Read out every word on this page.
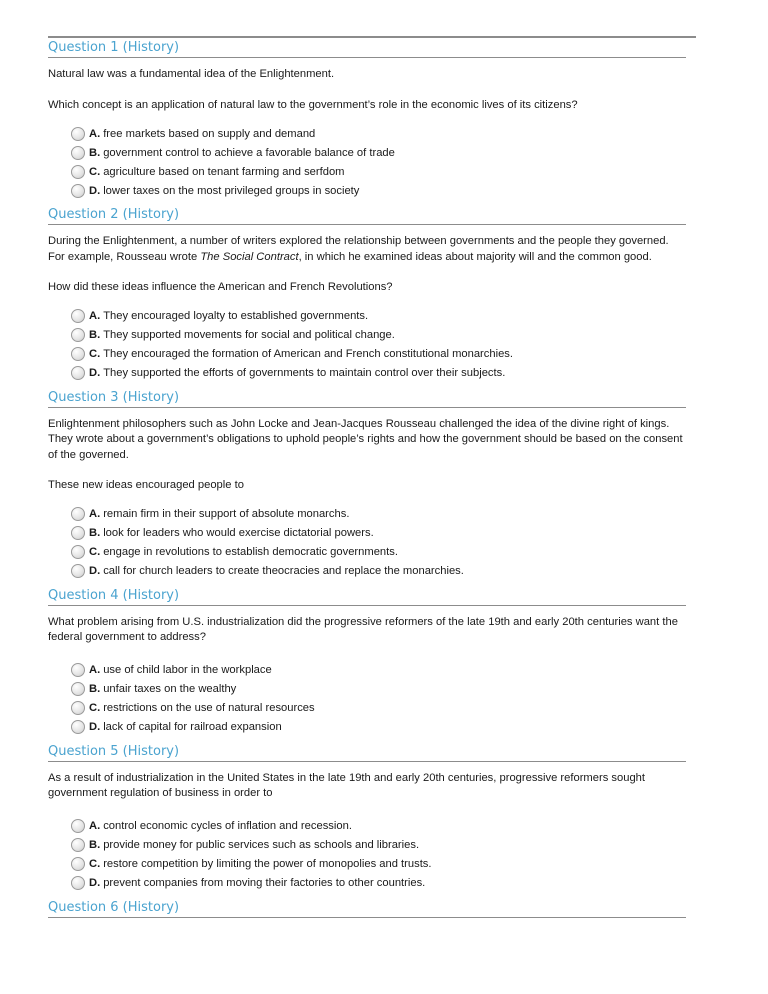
Question 1 (History)

Natural law was a fundamental idea of the Enlightenment.

Which concept is an application of natural law to the government’s role in the economic lives of its citizens?

A. free markets based on supply and demand
B. government control to achieve a favorable balance of trade
C. agriculture based on tenant farming and serfdom
D. lower taxes on the most privileged groups in society
Question 2 (History)

During the Enlightenment, a number of writers explored the relationship between governments and the people they governed. For example, Rousseau wrote The Social Contract, in which he examined ideas about majority will and the common good.

How did these ideas influence the American and French Revolutions?

A. They encouraged loyalty to established governments.
B. They supported movements for social and political change.
C. They encouraged the formation of American and French constitutional monarchies.
D. They supported the efforts of governments to maintain control over their subjects.
Question 3 (History)

Enlightenment philosophers such as John Locke and Jean-Jacques Rousseau challenged the idea of the divine right of kings. They wrote about a government’s obligations to uphold people’s rights and how the government should be based on the consent of the governed.

These new ideas encouraged people to

A. remain firm in their support of absolute monarchs.
B. look for leaders who would exercise dictatorial powers.
C. engage in revolutions to establish democratic governments.
D. call for church leaders to create theocracies and replace the monarchies.
Question 4 (History)

What problem arising from U.S. industrialization did the progressive reformers of the late 19th and early 20th centuries want the federal government to address?

A. use of child labor in the workplace
B. unfair taxes on the wealthy
C. restrictions on the use of natural resources
D. lack of capital for railroad expansion
Question 5 (History)

As a result of industrialization in the United States in the late 19th and early 20th centuries, progressive reformers sought government regulation of business in order to

A. control economic cycles of inflation and recession.
B. provide money for public services such as schools and libraries.
C. restore competition by limiting the power of monopolies and trusts.
D. prevent companies from moving their factories to other countries.
Question 6 (History)
